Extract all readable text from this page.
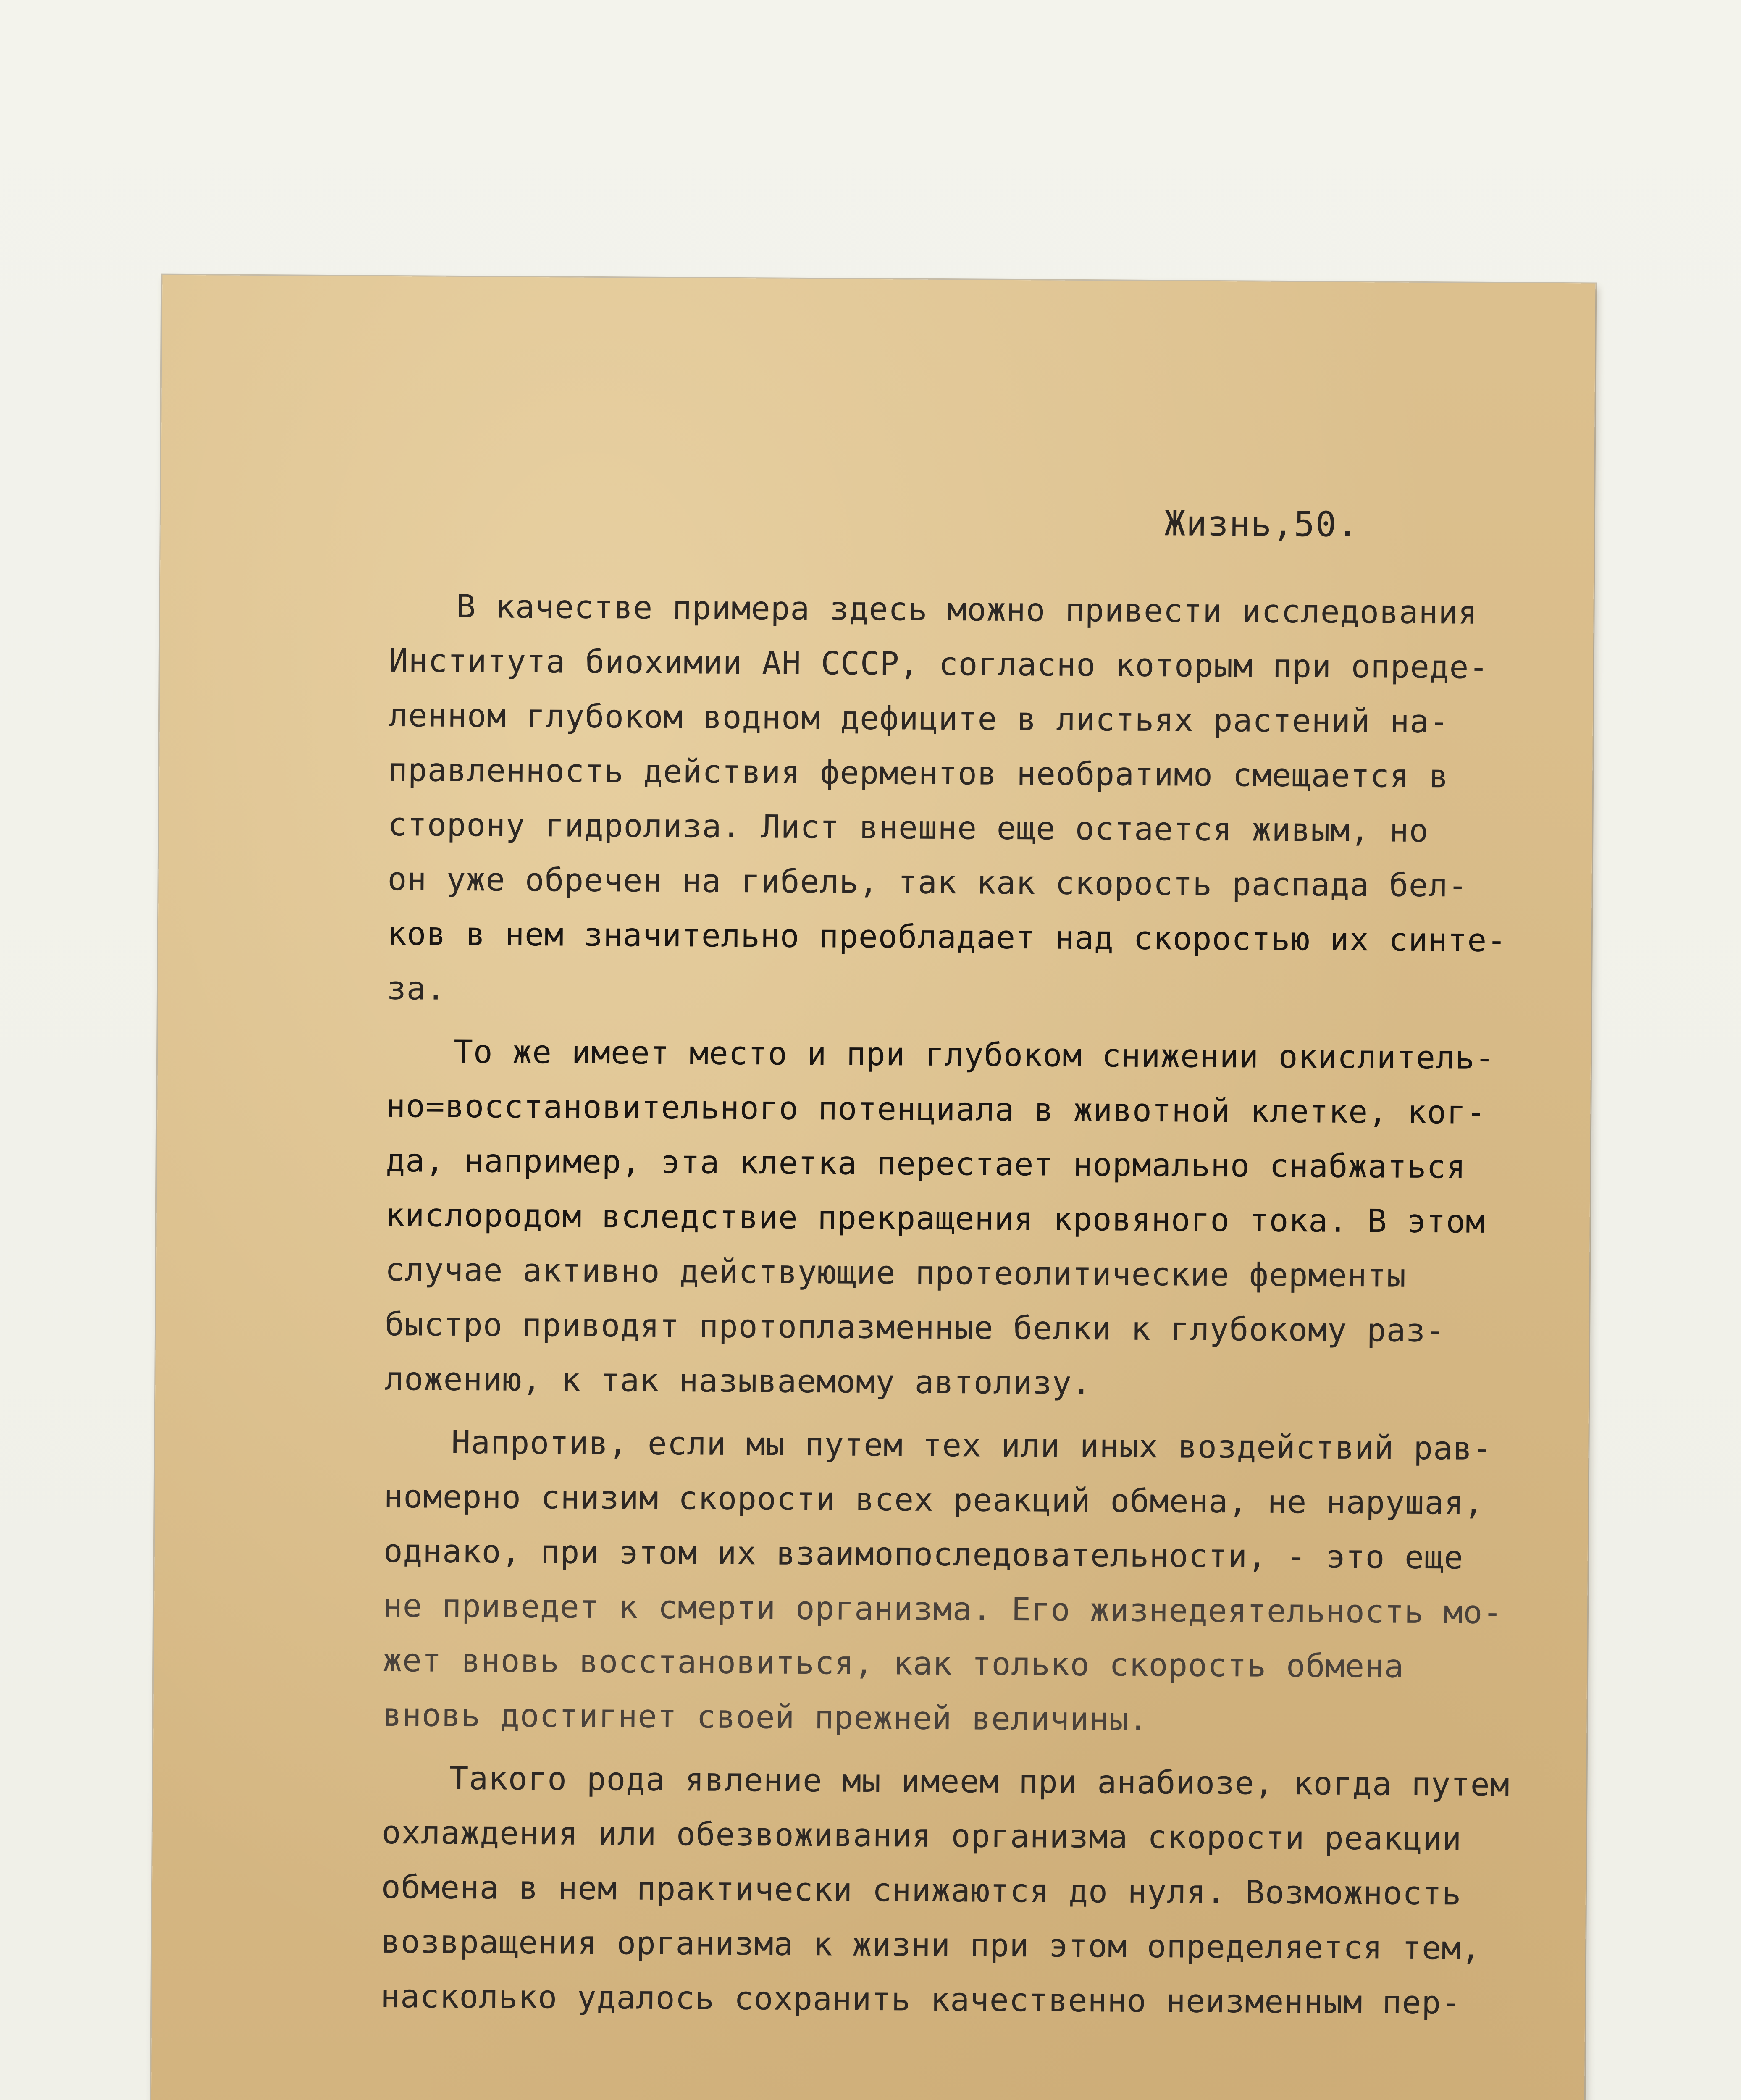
Жизнь,50.
В качестве примера здесь можно привести исследования
Института биохимии АН СССР, согласно которым при опреде-
ленном глубоком водном дефиците в листьях растений на-
правленность действия ферментов необратимо смещается в
сторону гидролиза. Лист внешне еще остается живым, но
он уже обречен на гибель, так как скорость распада бел-
ков в нем значительно преобладает над скоростью их синте-
за.
То же имеет место и при глубоком снижении окислитель-
но=восстановительного потенциала в животной клетке, ког-
да, например, эта клетка перестает нормально снабжаться
кислородом вследствие прекращения кровяного тока. В этом
случае активно действующие протеолитические ферменты
быстро приводят протоплазменные белки к глубокому раз-
ложению, к так называемому автолизу.
Напротив, если мы путем тех или иных воздействий рав-
номерно снизим скорости всех реакций обмена, не нарушая,
однако, при этом их взаимопоследовательности, - это еще
не приведет к смерти организма. Его жизнедеятельность мо-
жет вновь восстановиться, как только скорость обмена
вновь достигнет своей прежней величины.
Такого рода явление мы имеем при анабиозе, когда путем
охлаждения или обезвоживания организма скорости реакции
обмена в нем практически снижаются до нуля. Возможность
возвращения организма к жизни при этом определяется тем,
насколько удалось сохранить качественно неизменным пер-
